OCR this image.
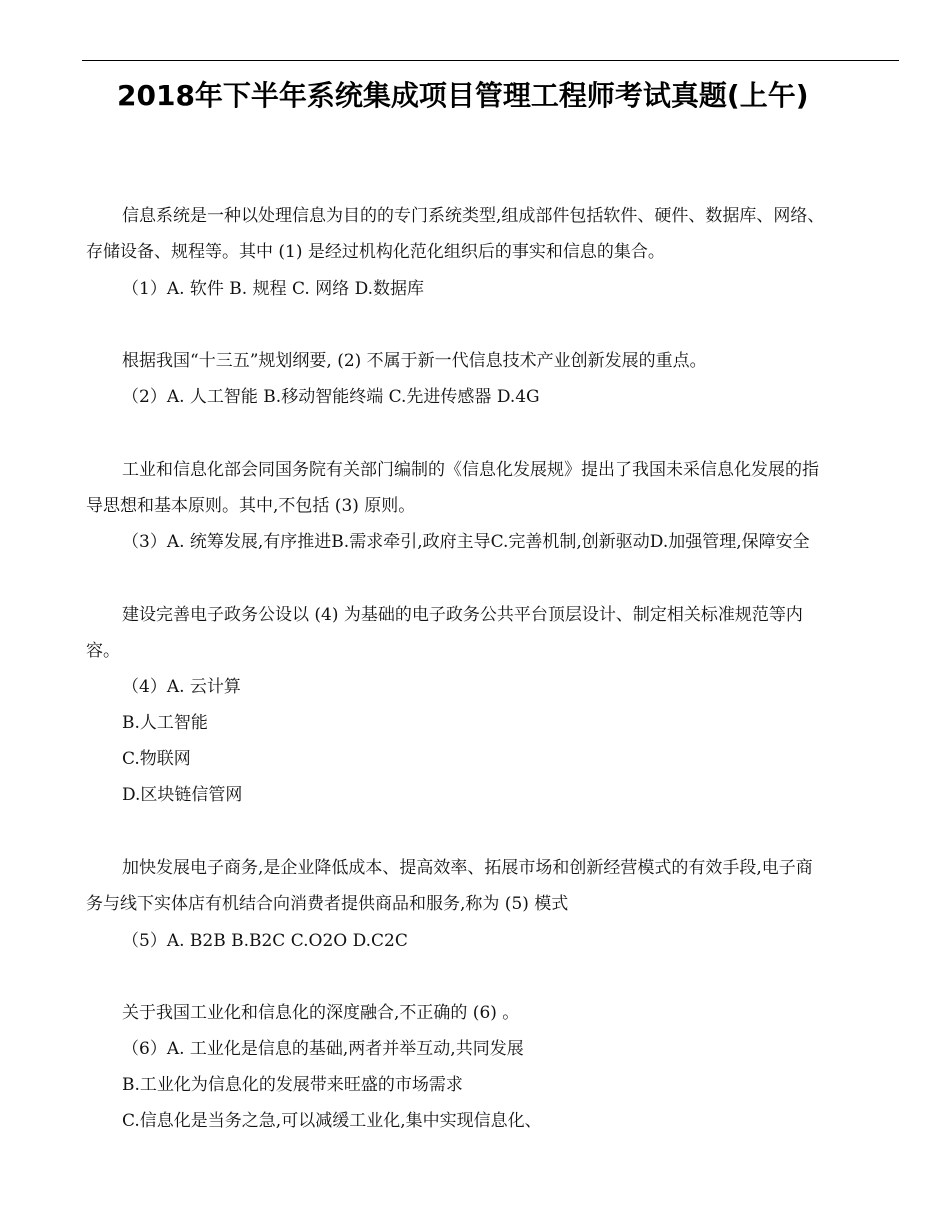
2018年下半年系统集成项目管理工程师考试真题(上午)
信息系统是一种以处理信息为目的的专门系统类型,组成部件包括软件、硬件、数据库、网络、
存储设备、规程等。其中 (1) 是经过机构化范化组织后的事实和信息的集合。
（1）A. 软件 B. 规程 C. 网络 D.数据库
根据我国“十三五”规划纲要, (2) 不属于新一代信息技术产业创新发展的重点。
（2）A. 人工智能 B.移动智能终端 C.先进传感器 D.4G
工业和信息化部会同国务院有关部门编制的《信息化发展规》提出了我国未采信息化发展的指
导思想和基本原则。其中,不包括 (3) 原则。
（3）A. 统筹发展,有序推进B.需求牵引,政府主导C.完善机制,创新驱动D.加强管理,保障安全
建设完善电子政务公设以 (4) 为基础的电子政务公共平台顶层设计、制定相关标准规范等内
容。
（4）A. 云计算
B.人工智能
C.物联网
D.区块链信管网
加快发展电子商务,是企业降低成本、提高效率、拓展市场和创新经营模式的有效手段,电子商
务与线下实体店有机结合向消费者提供商品和服务,称为 (5) 模式
（5）A. B2B B.B2C C.O2O D.C2C
关于我国工业化和信息化的深度融合,不正确的 (6) 。
（6）A. 工业化是信息的基础,两者并举互动,共同发展
B.工业化为信息化的发展带来旺盛的市场需求
C.信息化是当务之急,可以减缓工业化,集中实现信息化、
